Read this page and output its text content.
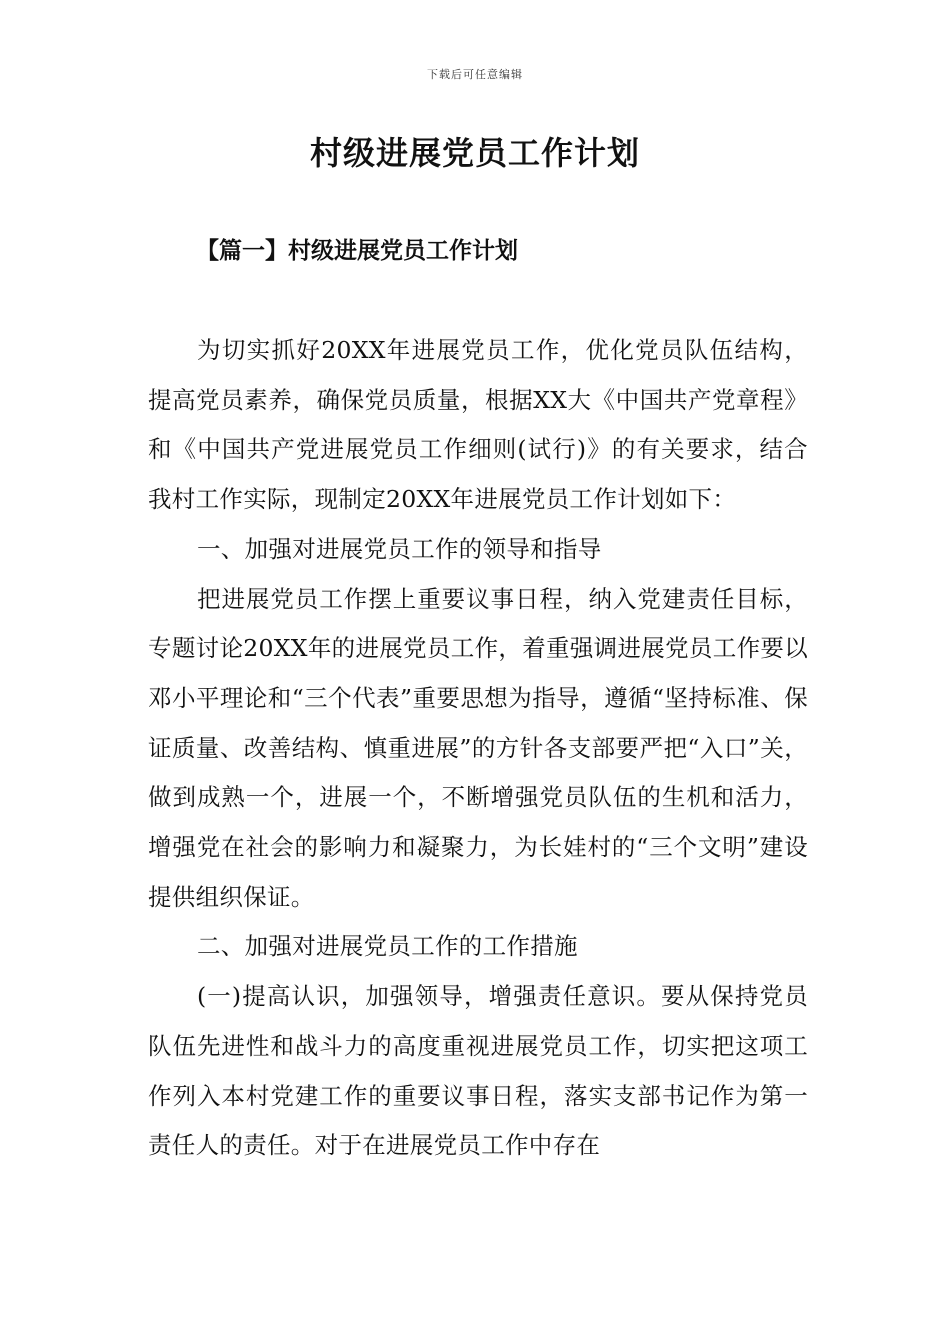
下载后可任意编辑
村级进展党员工作计划
【篇一】村级进展党员工作计划

为切实抓好20XX年进展党员工作，优化党员队伍结构，提高党员素养，确保党员质量，根据XX大《中国共产党章程》和《中国共产党进展党员工作细则(试行)》的有关要求，结合我村工作实际，现制定20XX年进展党员工作计划如下：

一、加强对进展党员工作的领导和指导

把进展党员工作摆上重要议事日程，纳入党建责任目标，专题讨论20XX年的进展党员工作，着重强调进展党员工作要以邓小平理论和“三个代表”重要思想为指导，遵循“坚持标准、保证质量、改善结构、慎重进展”的方针各支部要严把“入口”关，做到成熟一个，进展一个，不断增强党员队伍的生机和活力，增强党在社会的影响力和凝聚力，为长娃村的“三个文明”建设提供组织保证。

二、加强对进展党员工作的工作措施

(一)提高认识，加强领导，增强责任意识。要从保持党员队伍先进性和战斗力的高度重视进展党员工作，切实把这项工作列入本村党建工作的重要议事日程，落实支部书记作为第一责任人的责任。对于在进展党员工作中存在
